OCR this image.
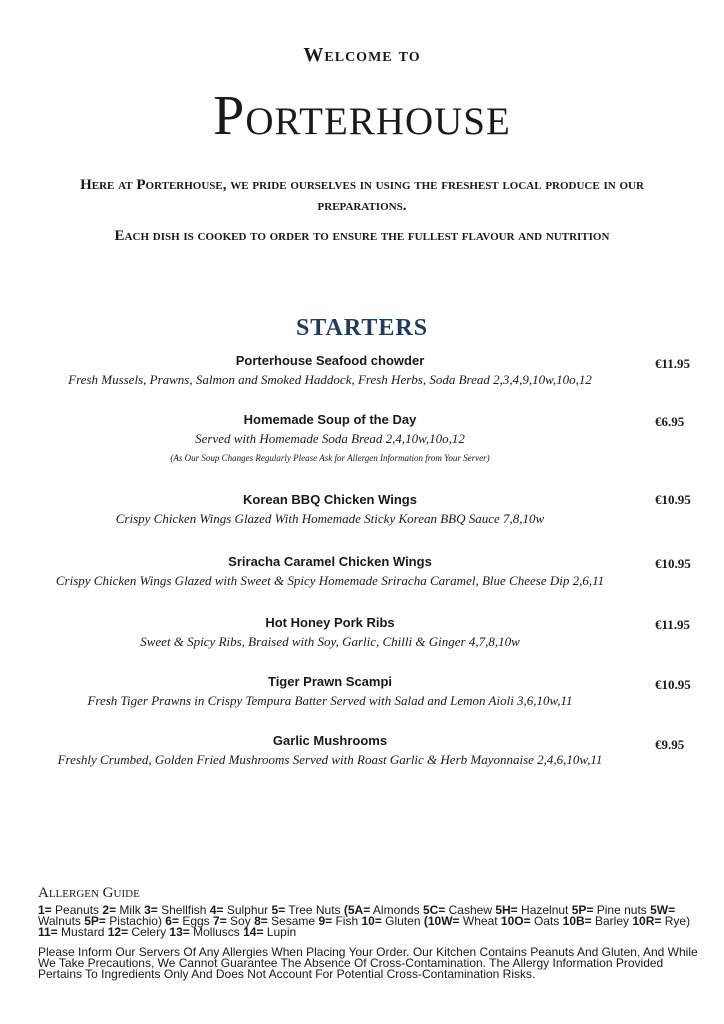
Welcome to
Porterhouse
Here at Porterhouse, we pride ourselves in using the freshest local produce in our preparations.
Each dish is cooked to order to ensure the fullest flavour and nutrition
STARTERS
Porterhouse Seafood chowder
Fresh Mussels, Prawns, Salmon and Smoked Haddock, Fresh Herbs, Soda Bread 2,3,4,9,10w,10o,12
€11.95
Homemade Soup of the Day
Served with Homemade Soda Bread 2,4,10w,10o,12
(As Our Soup Changes Regularly Please Ask for Allergen Information from Your Server)
€6.95
Korean BBQ Chicken Wings
Crispy Chicken Wings Glazed With Homemade Sticky Korean BBQ Sauce 7,8,10w
€10.95
Sriracha Caramel Chicken Wings
Crispy Chicken Wings Glazed with Sweet & Spicy Homemade Sriracha Caramel, Blue Cheese Dip 2,6,11
€10.95
Hot Honey Pork Ribs
Sweet & Spicy Ribs, Braised with Soy, Garlic, Chilli & Ginger 4,7,8,10w
€11.95
Tiger Prawn Scampi
Fresh Tiger Prawns in Crispy Tempura Batter Served with Salad and Lemon Aioli 3,6,10w,11
€10.95
Garlic Mushrooms
Freshly Crumbed, Golden Fried Mushrooms Served with Roast Garlic & Herb Mayonnaise 2,4,6,10w,11
€9.95
Allergen Guide
1= Peanuts 2= Milk 3= Shellfish 4= Sulphur 5= Tree Nuts (5A= Almonds 5C= Cashew 5H= Hazelnut 5P= Pine nuts 5W= Walnuts 5P= Pistachio) 6= Eggs 7= Soy 8= Sesame 9= Fish 10= Gluten (10W= Wheat 10O= Oats 10B= Barley 10R= Rye) 11= Mustard 12= Celery 13= Molluscs 14= Lupin
Please Inform Our Servers Of Any Allergies When Placing Your Order. Our Kitchen Contains Peanuts And Gluten, And While We Take Precautions, We Cannot Guarantee The Absence Of Cross-Contamination. The Allergy Information Provided Pertains To Ingredients Only And Does Not Account For Potential Cross-Contamination Risks.
